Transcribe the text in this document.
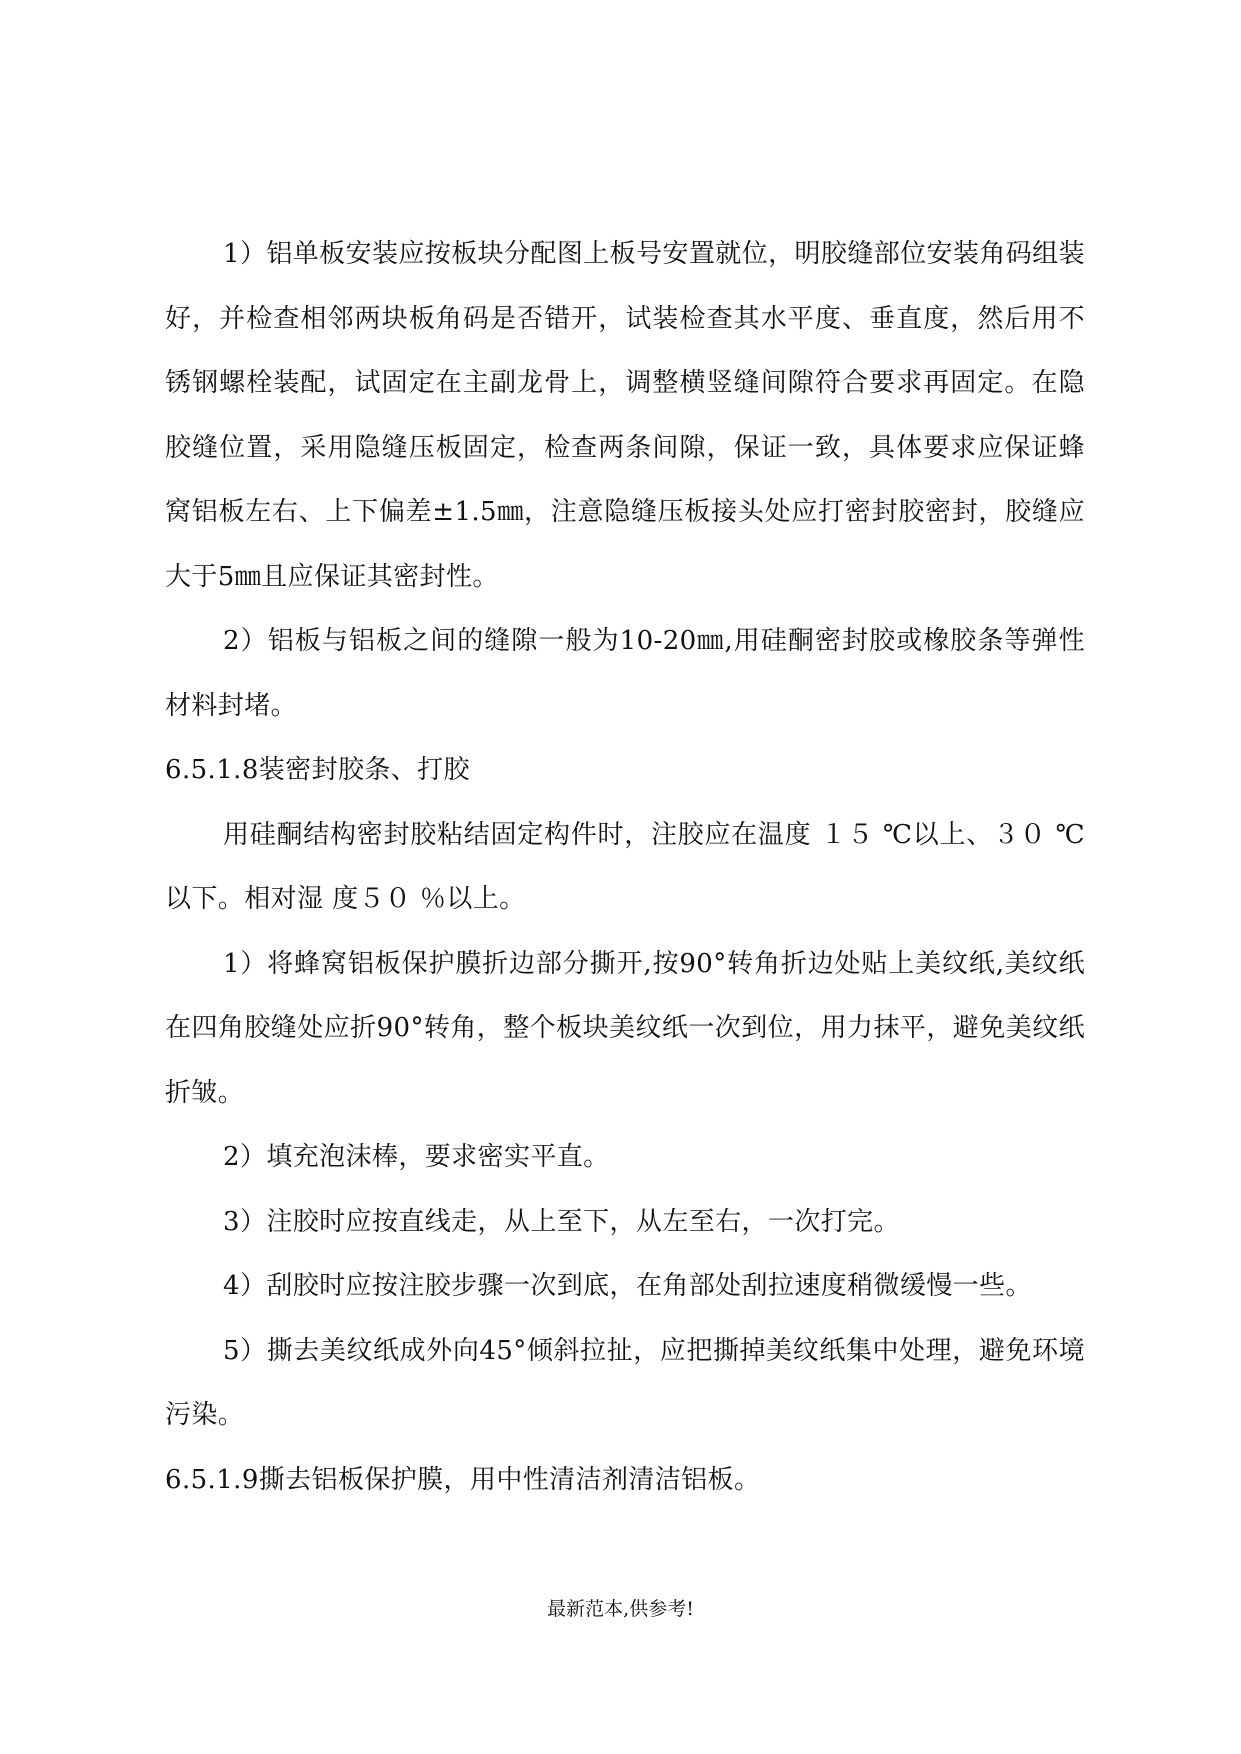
1）铝单板安装应按板块分配图上板号安置就位，明胶缝部位安装角码组装好，并检查相邻两块板角码是否错开，试装检查其水平度、垂直度，然后用不锈钢螺栓装配，试固定在主副龙骨上，调整横竖缝间隙符合要求再固定。在隐胶缝位置，采用隐缝压板固定，检查两条间隙，保证一致，具体要求应保证蜂窝铝板左右、上下偏差±1.5㎜，注意隐缝压板接头处应打密封胶密封，胶缝应大于5㎜且应保证其密封性。

2）铝板与铝板之间的缝隙一般为10-20㎜,用硅酮密封胶或橡胶条等弹性材料封堵。

6.5.1.8装密封胶条、打胶

用硅酮结构密封胶粘结固定构件时，注胶应在温度 １５ ℃以上、３０ ℃以下。相对湿 度５０ ％以上。

1）将蜂窝铝板保护膜折边部分撕开,按90°转角折边处贴上美纹纸,美纹纸在四角胶缝处应折90°转角，整个板块美纹纸一次到位，用力抹平，避免美纹纸折皱。

2）填充泡沫棒，要求密实平直。

3）注胶时应按直线走，从上至下，从左至右，一次打完。

4）刮胶时应按注胶步骤一次到底，在角部处刮拉速度稍微缓慢一些。

5）撕去美纹纸成外向45°倾斜拉扯，应把撕掉美纹纸集中处理，避免环境污染。

6.5.1.9撕去铝板保护膜，用中性清洁剂清洁铝板。

最新范本,供参考!
